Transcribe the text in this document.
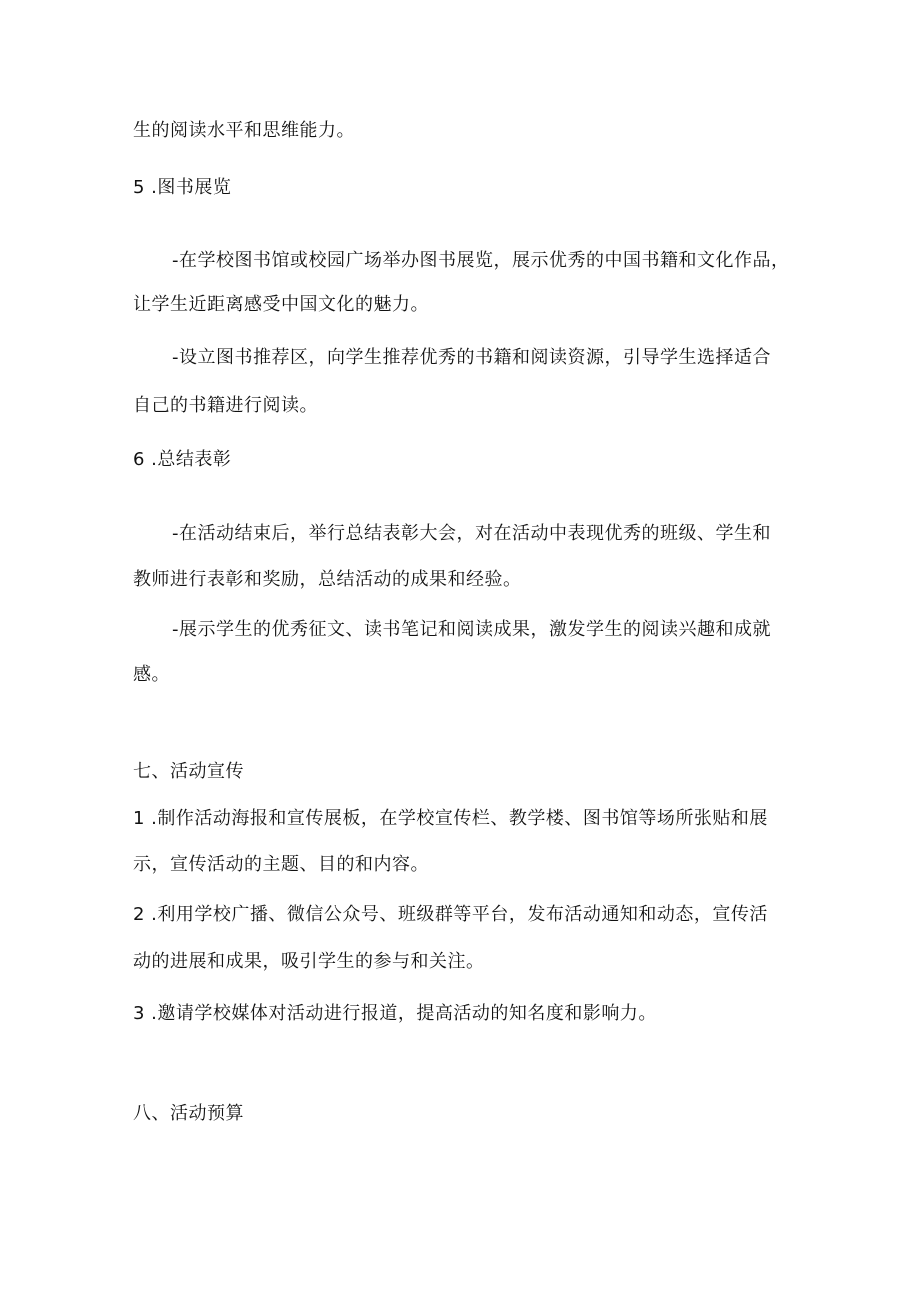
生的阅读水平和思维能力。
5 .图书展览
-在学校图书馆或校园广场举办图书展览，展示优秀的中国书籍和文化作品，
让学生近距离感受中国文化的魅力。
-设立图书推荐区，向学生推荐优秀的书籍和阅读资源，引导学生选择适合
自己的书籍进行阅读。
6 .总结表彰
-在活动结束后，举行总结表彰大会，对在活动中表现优秀的班级、学生和
教师进行表彰和奖励，总结活动的成果和经验。
-展示学生的优秀征文、读书笔记和阅读成果，激发学生的阅读兴趣和成就
感。
七、活动宣传
1 .制作活动海报和宣传展板，在学校宣传栏、教学楼、图书馆等场所张贴和展
示，宣传活动的主题、目的和内容。
2 .利用学校广播、微信公众号、班级群等平台，发布活动通知和动态，宣传活
动的进展和成果，吸引学生的参与和关注。
3 .邀请学校媒体对活动进行报道，提高活动的知名度和影响力。
八、活动预算
